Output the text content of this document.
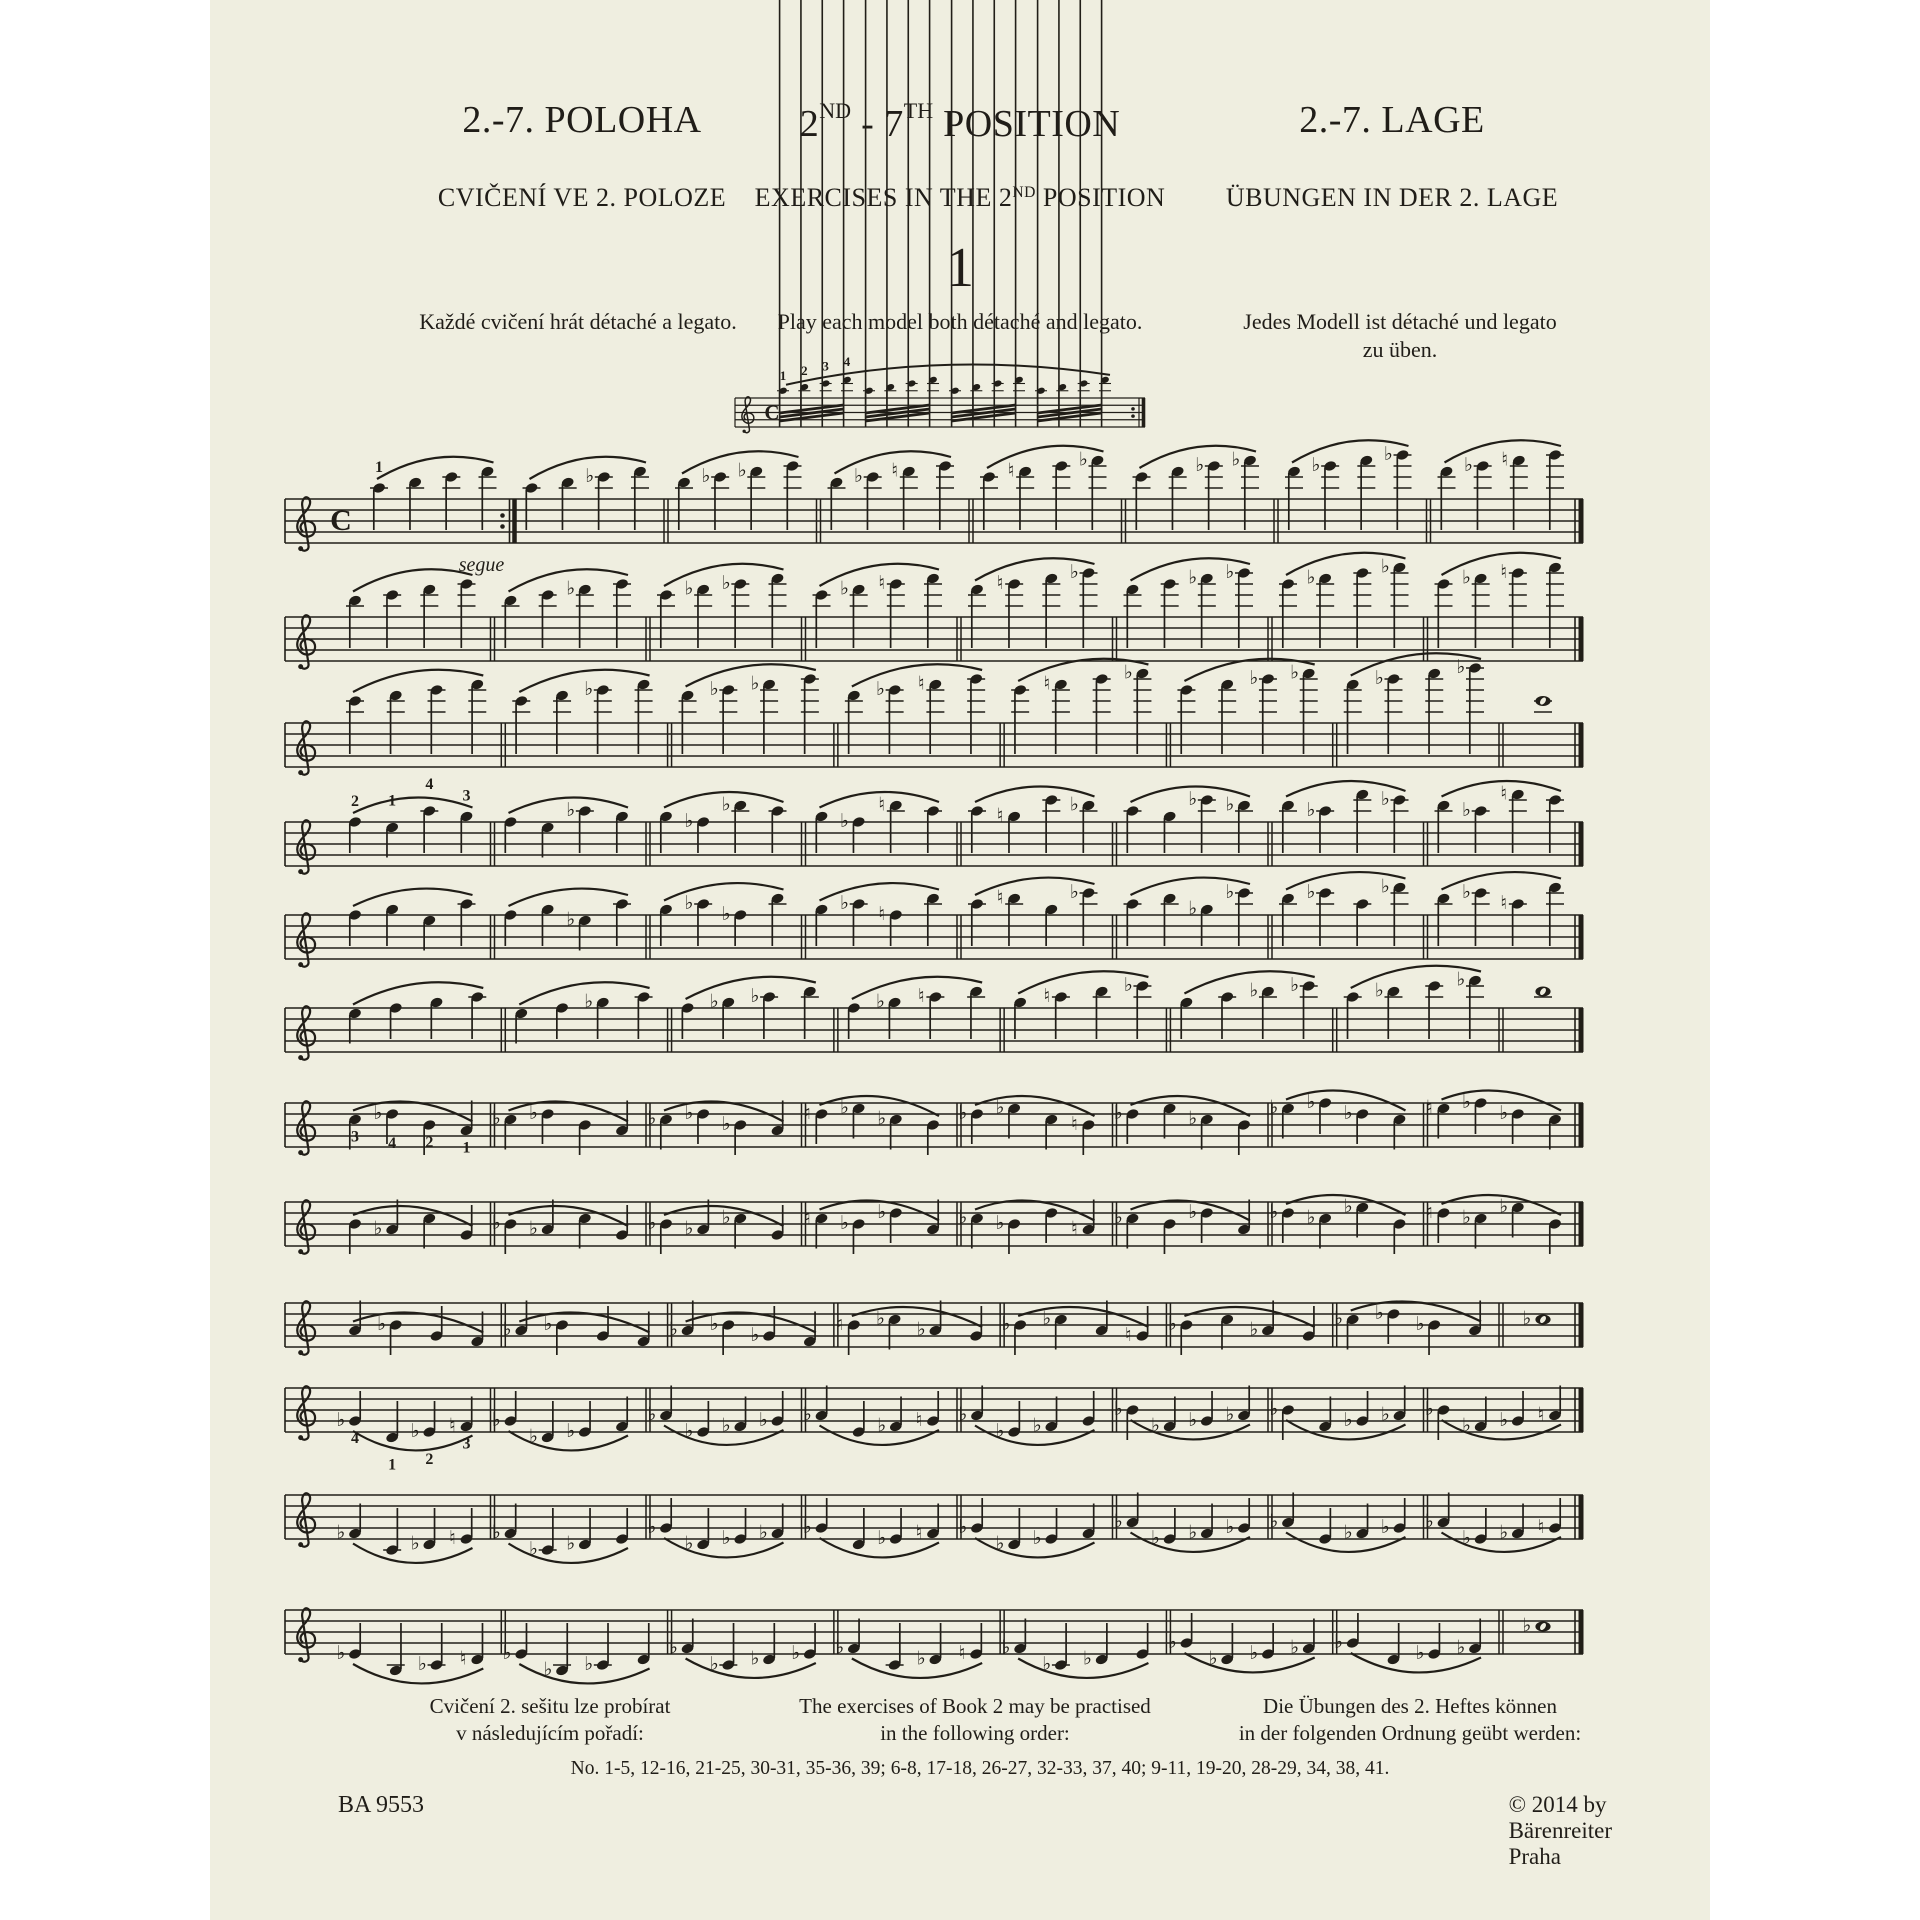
2.-7. POLOHA	2ND - 7TH POSITION	2.-7. LAGE
CVIČENÍ VE 2. POLOZE EXERCISES IN THE 2ND POSITION ÜBUNGEN IN DER 2. LAGE
1
Každé cvičení hrát détaché a legato. Play each model both détaché and legato.	Jedes Modell ist détaché und legato
zu üben.
C
1 2 3 4
C
1
segue
♭	♭ ♭	♭ ♮	♮	♭	♭ ♭	♭	♭	♭ ♮
♭	♭ ♭	♭ ♮	♮	♭	♭ ♭	♭	♭	♭ ♮
♭	♭ ♭	♭ ♮	♮	♭	♭ ♭	♭	♭
2 1
4
3
♭	♭
♭
♭
♮	♮	♭	♭ ♭	♭	♭	♭
♮
♭
♭ ♭	♭ ♮
♮	♭
♭
♭	♭	♭	♭ ♮
♭	♭ ♭	♭ ♮	♮	♭	♭ ♭	♭	♭
♭
3 4 2 1
♭ ♭	♭ ♭ ♭	♮ ♭ ♭	♭ ♭
♮ ♭	♭	♭ ♭ ♭	♮ ♭ ♭
♭	♭ ♭	♭ ♭ ♭	♮ ♭ ♭	♭ ♭	♮ ♭	♭	♭ ♭ ♭	♮ ♭ ♭
♭	♭ ♭	♭ ♭ ♭	♮ ♭ ♭	♭ ♭
♮ ♭	♭	♭ ♭ ♭	♭
♭	♭ ♮
4
1 2
3
♭
♭ ♭
♭
♭ ♭ ♭ ♭	♭ ♮ ♭
♭ ♭
♭
♭ ♭ ♭ ♭	♭ ♭ ♭
♭ ♭ ♮
♭	♭ ♮ ♭
♭ ♭
♭
♭ ♭ ♭ ♭	♭ ♮ ♭
♭ ♭
♭
♭ ♭ ♭ ♭	♭ ♭ ♭
♭ ♭ ♮
♭	♭ ♮ ♭
♭ ♭
♭
♭ ♭ ♭ ♭	♭ ♮ ♭
♭ ♭
♭
♭ ♭ ♭ ♭	♭ ♭
♭
Cvičení 2. sešitu lze probírat
v následujícím pořadí:
The exercises of Book 2 may be practised
in the following order:
Die Übungen des 2. Heftes können
in der folgenden Ordnung geübt werden:
No. 1-5, 12-16, 21-25, 30-31, 35-36, 39; 6-8, 17-18, 26-27, 32-33, 37, 40; 9-11, 19-20, 28-29, 34, 38, 41.
BA 9553	© 2014 by Bärenreiter Praha
